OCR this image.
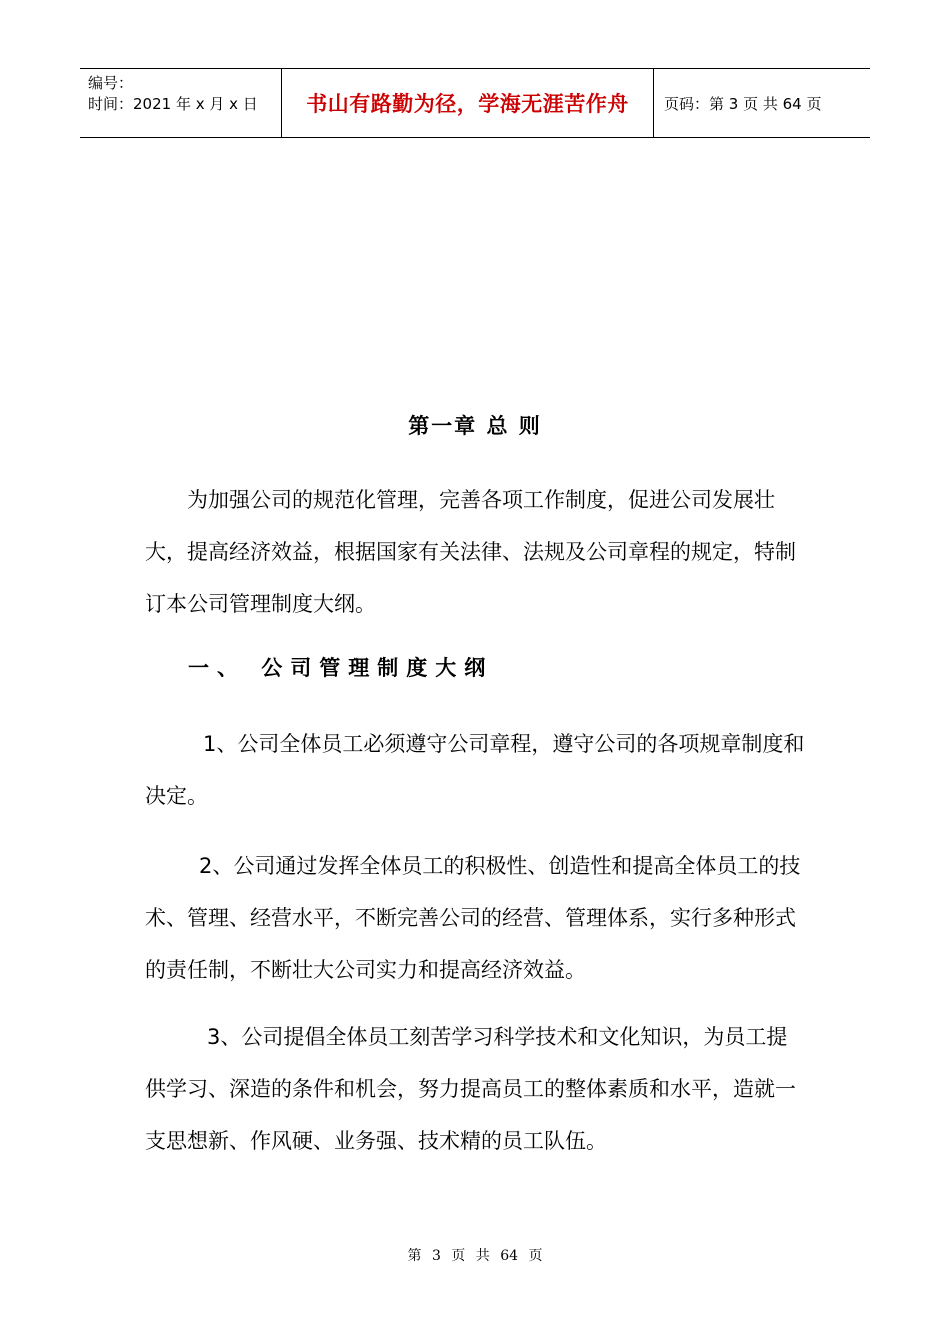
编号：
时间：2021 年 x 月 x 日	书山有路勤为径，学海无涯苦作舟	页码：第 3 页 共 64 页
第一章 总 则
为加强公司的规范化管理，完善各项工作制度，促进公司发展壮大，提高经济效益，根据国家有关法律、法规及公司章程的规定，特制订本公司管理制度大纲。
一、 公司管理制度大纲
1、公司全体员工必须遵守公司章程，遵守公司的各项规章制度和决定。
2、公司通过发挥全体员工的积极性、创造性和提高全体员工的技术、管理、经营水平，不断完善公司的经营、管理体系，实行多种形式的责任制，不断壮大公司实力和提高经济效益。
3、公司提倡全体员工刻苦学习科学技术和文化知识，为员工提供学习、深造的条件和机会，努力提高员工的整体素质和水平，造就一支思想新、作风硬、业务强、技术精的员工队伍。
第 3 页 共 64 页
